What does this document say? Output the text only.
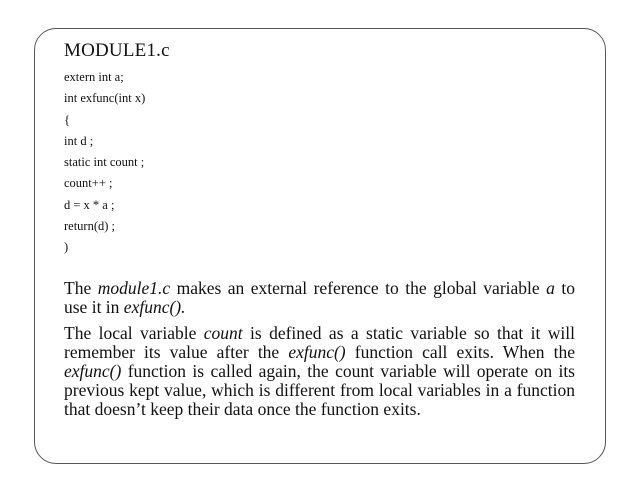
MODULE1.c
extern int a;
int exfunc(int x)
{
int d ;
static int count ;
count++ ;
d = x * a ;
return(d) ;
)

The module1.c makes an external reference to the global variable a to use it in exfunc().

The local variable count is defined as a static variable so that it will remember its value after the exfunc() function call exits. When the exfunc() function is called again, the count variable will operate on its previous kept value, which is different from local variables in a function that doesn’t keep their data once the function exits.
